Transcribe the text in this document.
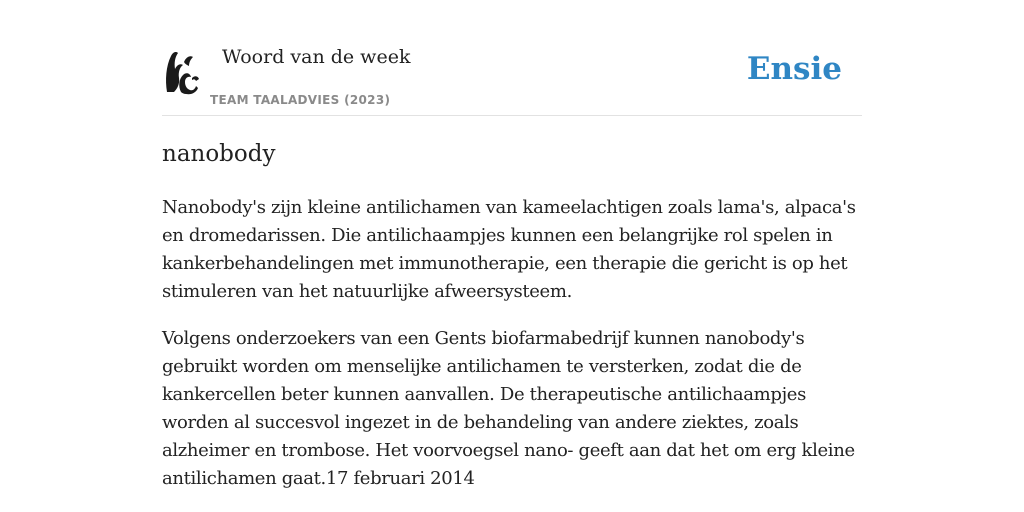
Woord van de week
TEAM TAALADVIES (2023)
Ensie
nanobody

Nanobody's zijn kleine antilichamen van kameelachtigen zoals lama's, alpaca's en dromedarissen. Die antilichaampjes kunnen een belangrijke rol spelen in kankerbehandelingen met immunotherapie, een therapie die gericht is op het stimuleren van het natuurlijke afweersysteem.

Volgens onderzoekers van een Gents biofarmabedrijf kunnen nanobody's gebruikt worden om menselijke antilichamen te versterken, zodat die de kankercellen beter kunnen aanvallen. De therapeutische antilichaampjes worden al succesvol ingezet in de behandeling van andere ziektes, zoals alzheimer en trombose. Het voorvoegsel nano- geeft aan dat het om erg kleine antilichamen gaat.17 februari 2014
